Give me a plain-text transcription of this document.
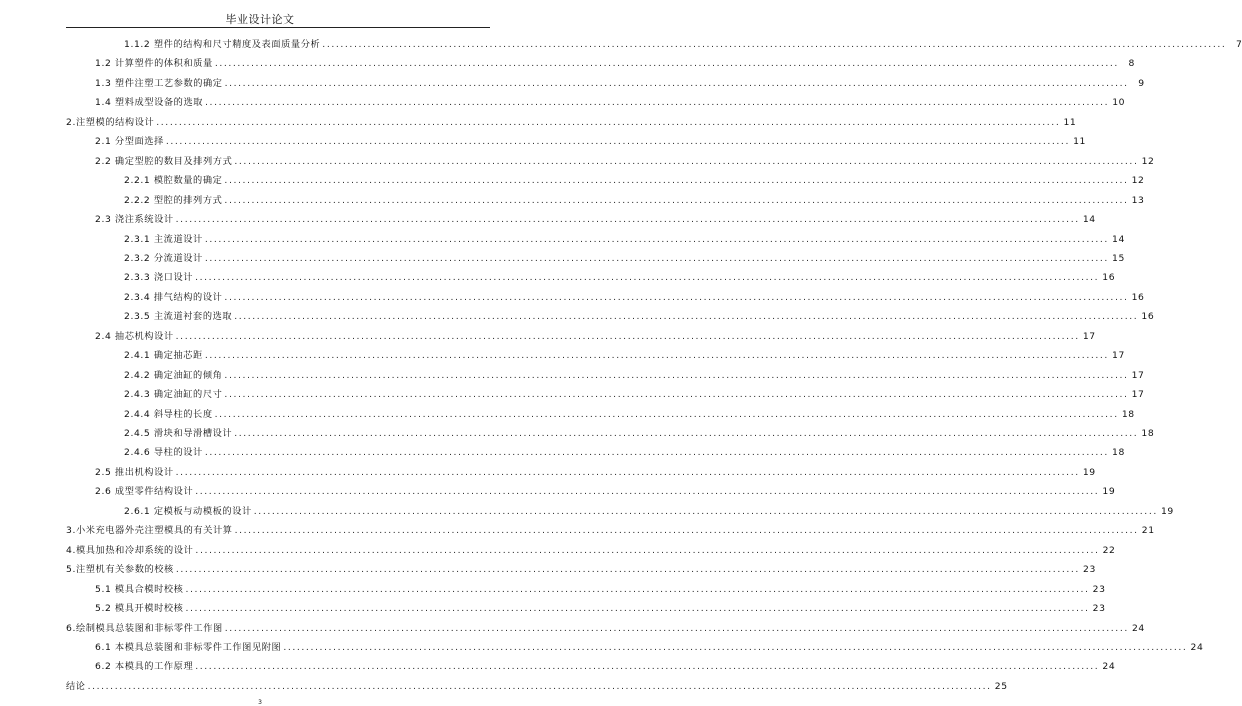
毕业设计论文
1.1.2 塑件的结构和尺寸精度及表面质量分析 ........................................................................................................................................................................................................	7
1.2 计算塑件的体积和质量 ........................................................................................................................................................................................................	8
1.3 塑件注塑工艺参数的确定 ........................................................................................................................................................................................................	9
1.4 塑料成型设备的选取 ........................................................................................................................................................................................................ 10
2.注塑模的结构设计 ........................................................................................................................................................................................................ 11
2.1 分型面选择 ........................................................................................................................................................................................................ 11
2.2 确定型腔的数目及排列方式 ........................................................................................................................................................................................................ 12
2.2.1 模腔数量的确定 ........................................................................................................................................................................................................ 12
2.2.2 型腔的排列方式 ........................................................................................................................................................................................................ 13
2.3 浇注系统设计 ........................................................................................................................................................................................................ 14
2.3.1 主流道设计 ........................................................................................................................................................................................................ 14
2.3.2 分流道设计 ........................................................................................................................................................................................................ 15
2.3.3 浇口设计 ........................................................................................................................................................................................................ 16
2.3.4 排气结构的设计 ........................................................................................................................................................................................................ 16
2.3.5 主流道衬套的选取 ........................................................................................................................................................................................................ 16
2.4 抽芯机构设计 ........................................................................................................................................................................................................ 17
2.4.1 确定抽芯距 ........................................................................................................................................................................................................ 17
2.4.2 确定油缸的倾角 ........................................................................................................................................................................................................ 17
2.4.3 确定油缸的尺寸 ........................................................................................................................................................................................................ 17
2.4.4 斜导柱的长度 ........................................................................................................................................................................................................ 18
2.4.5 滑块和导滑槽设计 ........................................................................................................................................................................................................ 18
2.4.6 导柱的设计 ........................................................................................................................................................................................................ 18
2.5 推出机构设计 ........................................................................................................................................................................................................ 19
2.6 成型零件结构设计 ........................................................................................................................................................................................................ 19
2.6.1 定模板与动模板的设计 ........................................................................................................................................................................................................ 19
3.小米充电器外壳注塑模具的有关计算 ........................................................................................................................................................................................................ 21
4.模具加热和冷却系统的设计 ........................................................................................................................................................................................................ 22
5.注塑机有关参数的校核 ........................................................................................................................................................................................................ 23
5.1 模具合模时校核 ........................................................................................................................................................................................................ 23
5.2 模具开模时校核 ........................................................................................................................................................................................................ 23
6.绘制模具总装图和非标零件工作图 ........................................................................................................................................................................................................ 24
6.1 本模具总装图和非标零件工作图见附图 ........................................................................................................................................................................................................ 24
6.2 本模具的工作原理 ........................................................................................................................................................................................................ 24
结论 ........................................................................................................................................................................................................ 25
3
